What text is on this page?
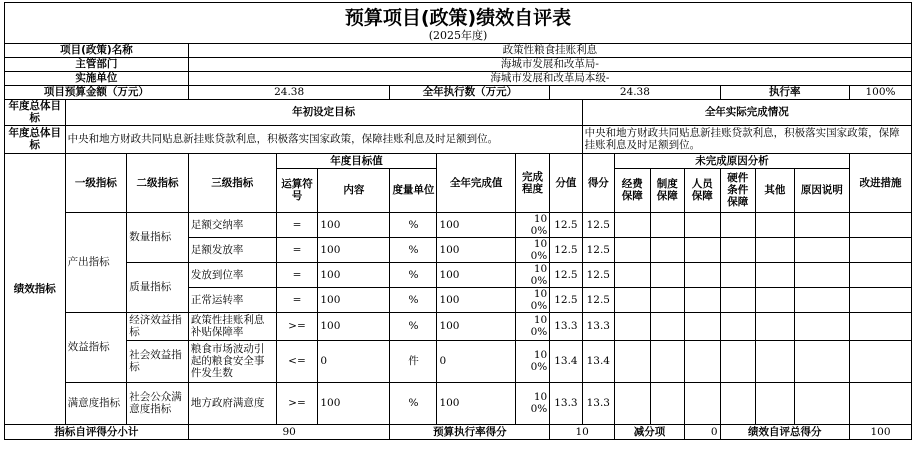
预算项目(政策)绩效自评表																	
(2025年度)																	
项目(政策)名称			政策性粮食挂账利息														
主管部门			海城市发展和改革局-														
实施单位			海城市发展和改革局本级-														
项目预算金额（万元）			24.38			全年执行数（万元）			24.38					执行率			100%
年度总体目标	年初设定目标									全年实际完成情况							
年度总体目标	中央和地方财政共同贴息新挂账贷款利息，积极落实国家政策，保障挂账利息及时足额到位。									中央和地方财政共同贴息新挂账贷款利息，积极落实国家政策，保障挂账利息及时足额到位。							
绩效指标	一级指标	二级指标	三级指标	年度目标值			全年完成值	完成程度	分值	得分	未完成原因分析						改进措施
				运算符号	内容	度量单位					经费保障	制度保障	人员保障	硬件条件保障	其他	原因说明	
	产出指标	数量指标	足额交纳率	=	100	%	100	100%	12.5	12.5							
			足额发放率	=	100	%	100	100%	12.5	12.5							
		质量指标	发放到位率	=	100	%	100	100%	12.5	12.5							
			正常运转率	=	100	%	100	100%	12.5	12.5							
	效益指标	经济效益指标	政策性挂账利息补贴保障率	>=	100	%	100	100%	13.3	13.3							
		社会效益指标	粮食市场波动引起的粮食安全事件发生数	<=	0	件	0	100%	13.4	13.4							
	满意度指标	社会公众满意度指标	地方政府满意度	>=	100	%	100	100%	13.3	13.3							
指标自评得分小计			90			预算执行率得分			10		减分项		0	绩效自评总得分			100
